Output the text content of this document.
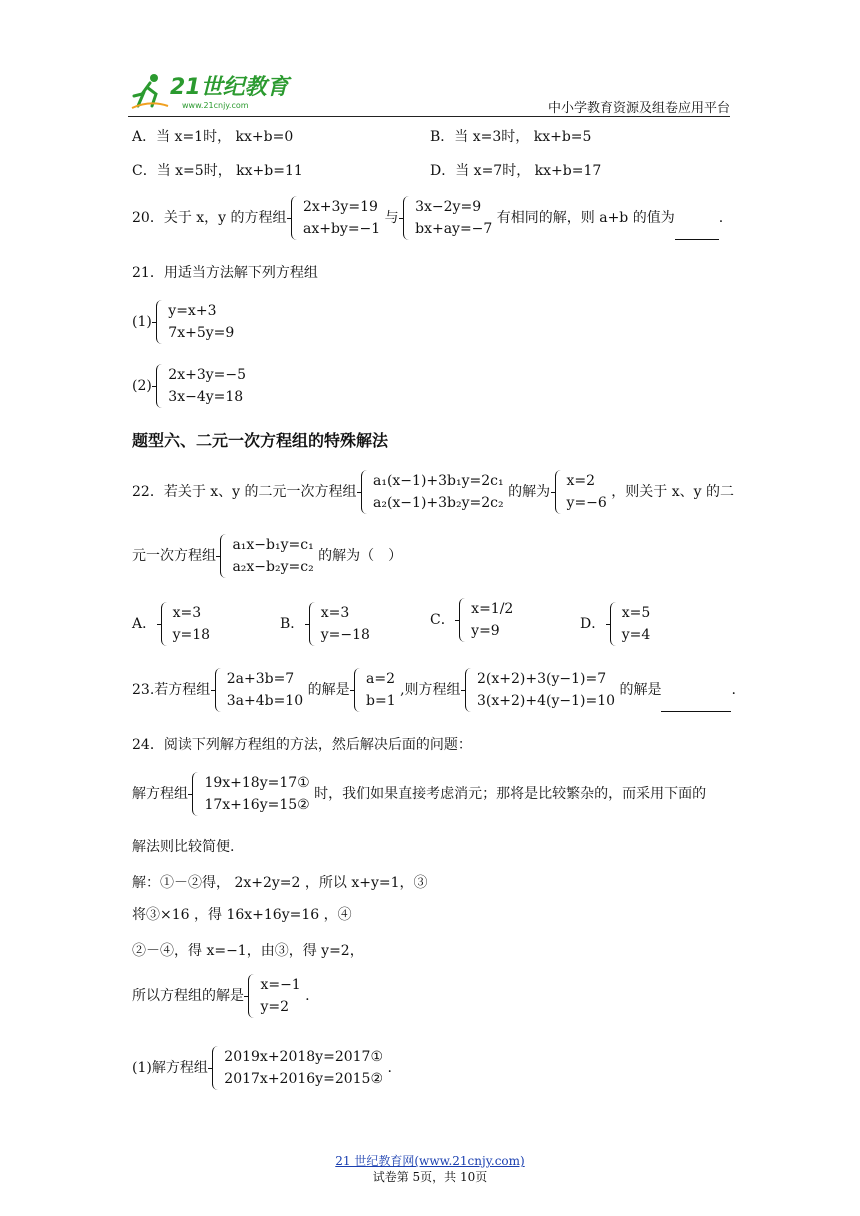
21世纪教育
www.21cnjy.com	中小学教育资源及组卷应用平台
A．当 x=1时， kx+b=0	B．当 x=3时， kx+b=5
C．当 x=5时， kx+b=11	D．当 x=7时， kx+b=17
20．关于 x，y 的方程组
2x+3y=19
ax+by=−1
与
3x−2y=9
bx+ay=−7
有相同的解，则 a+b 的值为	.
21．用适当方法解下列方程组
(1)
y=x+3
7x+5y=9
(2)
2x+3y=−5
3x−4y=18
题型六、二元一次方程组的特殊解法
22．若关于 x、y 的二元一次方程组
a₁(x−1)+3b₁y=2c₁
a₂(x−1)+3b₂y=2c₂
的解为
x=2
y=−6
，则关于 x、y 的二
元一次方程组
a₁x−b₁y=c₁
a₂x−b₂y=c₂
的解为（　）
A．
x=3
y=18
B．
x=3
y=−18
C．
x=1/2
y=9	D．
x=5
y=4
23.若方程组
2a+3b=7
3a+4b=10
的解是
a=2
b=1
,则方程组
2(x+2)+3(y−1)=7
3(x+2)+4(y−1)=10
的解是	.
24．阅读下列解方程组的方法，然后解决后面的问题：
解方程组
19x+18y=17①
17x+16y=15②
时，我们如果直接考虑消元；那将是比较繁杂的，而采用下面的
解法则比较简便.
解：①－②得， 2x+2y=2 ，所以 x+y=1，③
将③×16 ，得 16x+16y=16 ，④
②－④，得 x=−1，由③，得 y=2，
所以方程组的解是
x=−1
y=2
.
(1)解方程组
2019x+2018y=2017①
2017x+2016y=2015②
.
21 世纪教育网(www.21cnjy.com)
试卷第 5页，共 10页
